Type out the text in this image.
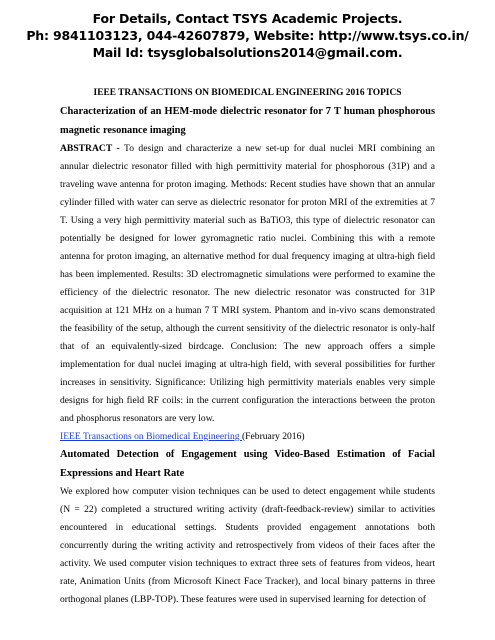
For Details, Contact TSYS Academic Projects.
Ph: 9841103123, 044-42607879, Website: http://www.tsys.co.in/
Mail Id: tsysglobalsolutions2014@gmail.com.
IEEE TRANSACTIONS ON BIOMEDICAL ENGINEERING 2016 TOPICS
Characterization of an HEM-mode dielectric resonator for 7 T human phosphorous magnetic resonance imaging

ABSTRACT - To design and characterize a new set-up for dual nuclei MRI combining an annular dielectric resonator filled with high permittivity material for phosphorous (31P) and a traveling wave antenna for proton imaging. Methods: Recent studies have shown that an annular cylinder filled with water can serve as dielectric resonator for proton MRI of the extremities at 7 T. Using a very high permittivity material such as BaTiO3, this type of dielectric resonator can potentially be designed for lower gyromagnetic ratio nuclei. Combining this with a remote antenna for proton imaging, an alternative method for dual frequency imaging at ultra-high field has been implemented. Results: 3D electromagnetic simulations were performed to examine the efficiency of the dielectric resonator. The new dielectric resonator was constructed for 31P acquisition at 121 MHz on a human 7 T MRI system. Phantom and in-vivo scans demonstrated the feasibility of the setup, although the current sensitivity of the dielectric resonator is only-half that of an equivalently-sized birdcage. Conclusion: The new approach offers a simple implementation for dual nuclei imaging at ultra-high field, with several possibilities for further increases in sensitivity. Significance: Utilizing high permittivity materials enables very simple designs for high field RF coils: in the current configuration the interactions between the proton and phosphorus resonators are very low.

IEEE Transactions on Biomedical Engineering (February 2016)

Automated Detection of Engagement using Video-Based Estimation of Facial Expressions and Heart Rate

We explored how computer vision techniques can be used to detect engagement while students (N = 22) completed a structured writing activity (draft-feedback-review) similar to activities encountered in educational settings. Students provided engagement annotations both concurrently during the writing activity and retrospectively from videos of their faces after the activity. We used computer vision techniques to extract three sets of features from videos, heart rate, Animation Units (from Microsoft Kinect Face Tracker), and local binary patterns in three orthogonal planes (LBP-TOP). These features were used in supervised learning for detection of
